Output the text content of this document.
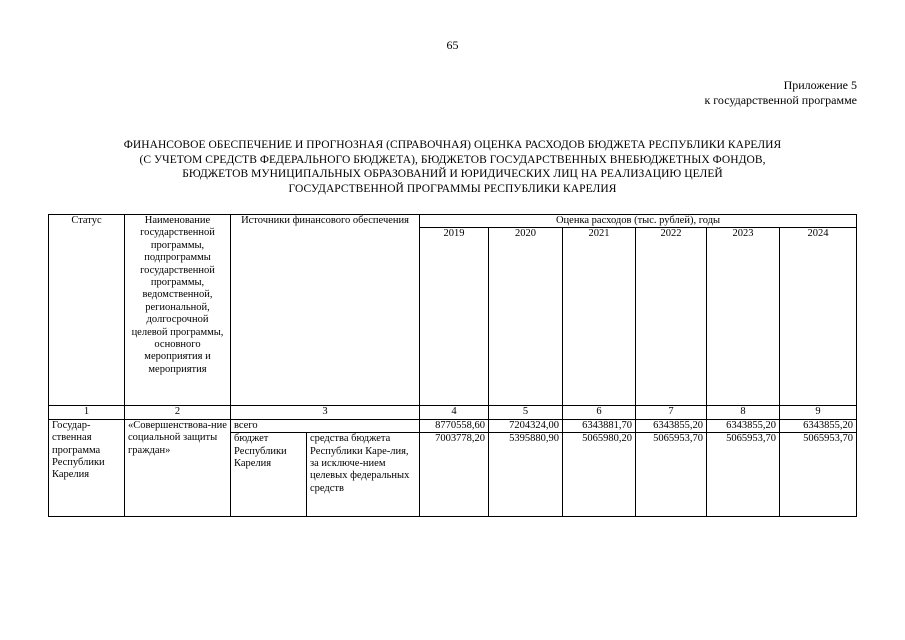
65
Приложение 5
к государственной программе
ФИНАНСОВОЕ ОБЕСПЕЧЕНИЕ И ПРОГНОЗНАЯ (СПРАВОЧНАЯ) ОЦЕНКА РАСХОДОВ БЮДЖЕТА РЕСПУБЛИКИ КАРЕЛИЯ
(С УЧЕТОМ СРЕДСТВ ФЕДЕРАЛЬНОГО БЮДЖЕТА), БЮДЖЕТОВ ГОСУДАРСТВЕННЫХ ВНЕБЮДЖЕТНЫХ ФОНДОВ,
БЮДЖЕТОВ МУНИЦИПАЛЬНЫХ ОБРАЗОВАНИЙ И ЮРИДИЧЕСКИХ ЛИЦ НА РЕАЛИЗАЦИЮ ЦЕЛЕЙ
ГОСУДАРСТВЕННОЙ ПРОГРАММЫ РЕСПУБЛИКИ КАРЕЛИЯ
Статус	Наименование государственной программы, подпрограммы государственной программы, ведомственной, региональной, долгосрочной целевой программы, основного мероприятия и мероприятия	Источники финансового обеспечения		Оценка расходов (тыс. рублей), годы					
				2019	2020	2021	2022	2023	2024
1	2	3		4	5	6	7	8	9
Государ-ственная программа Республики Карелия	«Совершенствова-ние социальной защиты граждан»	всего		8770558,60	7204324,00	6343881,70	6343855,20	6343855,20	6343855,20
		бюджет Республики Карелия	средства бюджета Республики Каре-лия, за исключе-нием целевых федеральных средств	7003778,20	5395880,90	5065980,20	5065953,70	5065953,70	5065953,70
